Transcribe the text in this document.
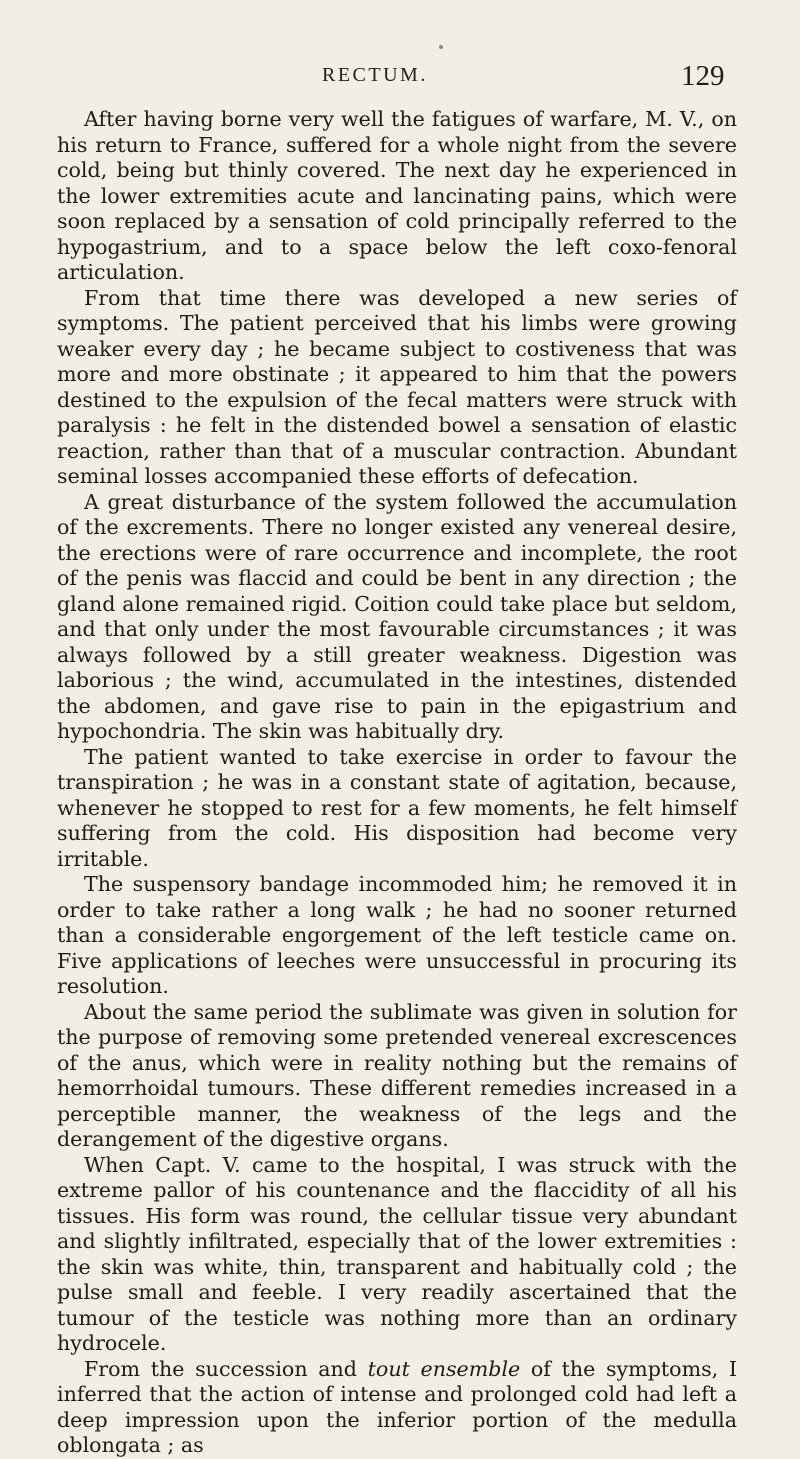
RECTUM.	129

After having borne very well the fatigues of warfare, M. V., on his return to France, suffered for a whole night from the severe cold, being but thinly covered. The next day he experienced in the lower extremities acute and lancinating pains, which were soon replaced by a sensation of cold principally referred to the hypogastrium, and to a space below the left coxo-fenoral articulation.

From that time there was developed a new series of symptoms. The patient perceived that his limbs were growing weaker every day ; he became subject to costiveness that was more and more obstinate ; it appeared to him that the powers destined to the expulsion of the fecal matters were struck with paralysis : he felt in the distended bowel a sensation of elastic reaction, rather than that of a muscular contraction. Abundant seminal losses accompanied these efforts of defecation.

A great disturbance of the system followed the accumulation of the excrements. There no longer existed any venereal desire, the erections were of rare occurrence and incomplete, the root of the penis was flaccid and could be bent in any direction ; the gland alone remained rigid. Coition could take place but seldom, and that only under the most favourable circumstances ; it was always followed by a still greater weakness. Digestion was laborious ; the wind, accumulated in the intestines, distended the abdomen, and gave rise to pain in the epigastrium and hypochondria. The skin was habitually dry.

The patient wanted to take exercise in order to favour the transpiration ; he was in a constant state of agitation, because, whenever he stopped to rest for a few moments, he felt himself suffering from the cold. His disposition had become very irritable.

The suspensory bandage incommoded him; he removed it in order to take rather a long walk ; he had no sooner returned than a considerable engorgement of the left testicle came on. Five applications of leeches were unsuccessful in procuring its resolution.

About the same period the sublimate was given in solution for the purpose of removing some pretended venereal excrescences of the anus, which were in reality nothing but the remains of hemorrhoidal tumours. These different remedies increased in a perceptible manner, the weakness of the legs and the derangement of the digestive organs.

When Capt. V. came to the hospital, I was struck with the extreme pallor of his countenance and the flaccidity of all his tissues. His form was round, the cellular tissue very abundant and slightly infiltrated, especially that of the lower extremities : the skin was white, thin, transparent and habitually cold ; the pulse small and feeble. I very readily ascertained that the tumour of the testicle was nothing more than an ordinary hydrocele.

From the succession and tout ensemble of the symptoms, I inferred that the action of intense and prolonged cold had left a deep impression upon the inferior portion of the medulla oblongata ; as
